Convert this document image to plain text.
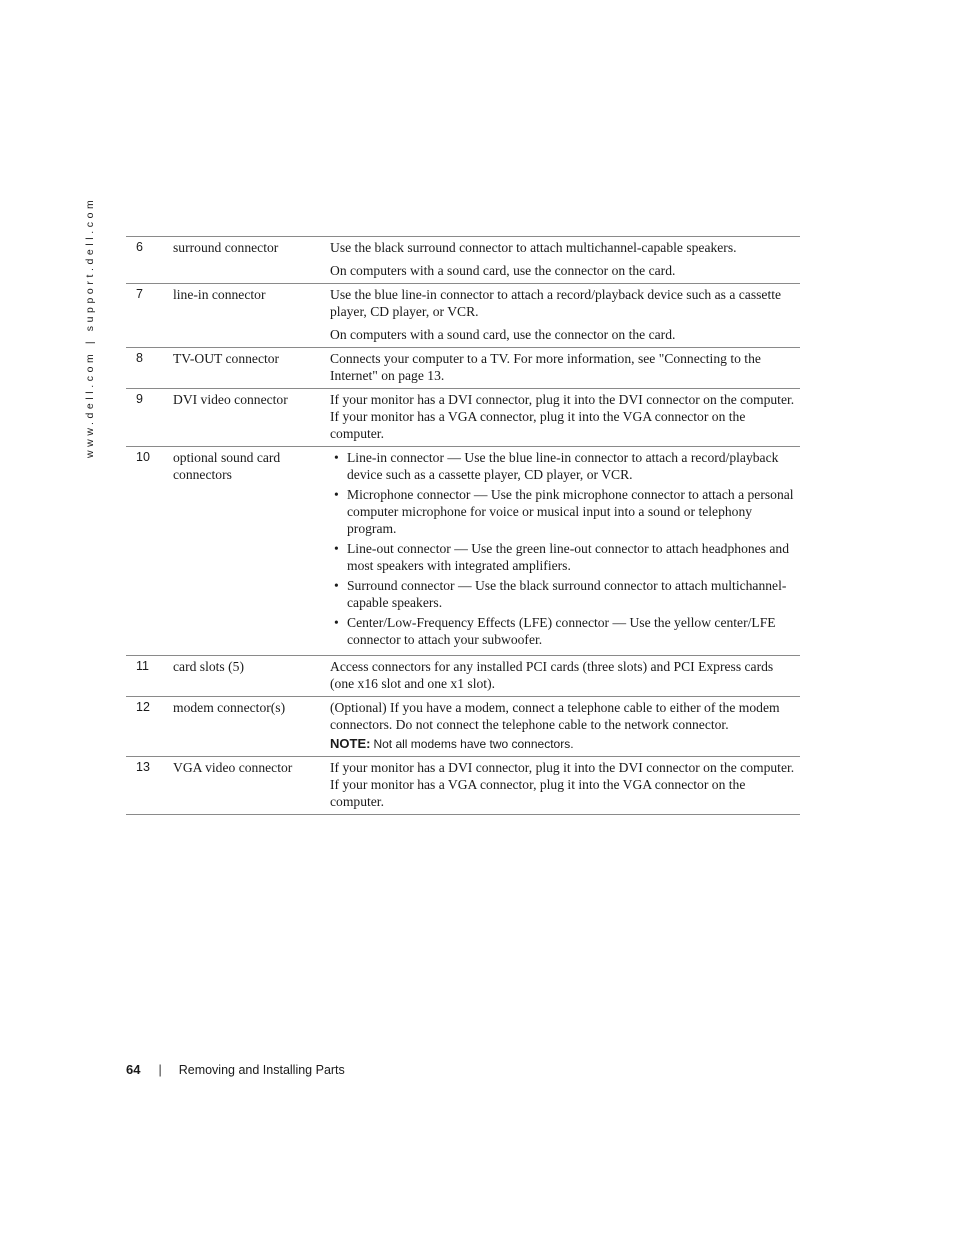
www.dell.com | support.dell.com	6	surround connector	Use the black surround connector to attach multichannel-capable speakers.

On computers with a sound card, use the connector on the card.

7	line-in connector	Use the blue line-in connector to attach a record/playback device such as a cassette player, CD player, or VCR.

On computers with a sound card, use the connector on the card.

8	TV-OUT connector	Connects your computer to a TV. For more information, see "Connecting to the Internet" on page 13.

9	DVI video connector	If your monitor has a DVI connector, plug it into the DVI connector on the computer. If your monitor has a VGA connector, plug it into the VGA connector on the computer.

10	optional sound card connectors
• Line-in connector — Use the blue line-in connector to attach a record/playback device such as a cassette player, CD player, or VCR.
• Microphone connector — Use the pink microphone connector to attach a personal computer microphone for voice or musical input into a sound or telephony program.
• Line-out connector — Use the green line-out connector to attach headphones and most speakers with integrated amplifiers.
• Surround connector — Use the black surround connector to attach multichannel-capable speakers.
• Center/Low-Frequency Effects (LFE) connector — Use the yellow center/LFE connector to attach your subwoofer.
11	card slots (5)	Access connectors for any installed PCI cards (three slots) and PCI Express cards (one x16 slot and one x1 slot).

12	modem connector(s)	(Optional) If you have a modem, connect a telephone cable to either of the modem connectors. Do not connect the telephone cable to the network connector.

NOTE: Not all modems have two connectors.
13	VGA video connector	If your monitor has a DVI connector, plug it into the DVI connector on the computer. If your monitor has a VGA connector, plug it into the VGA connector on the computer.

64 | Removing and Installing Parts
